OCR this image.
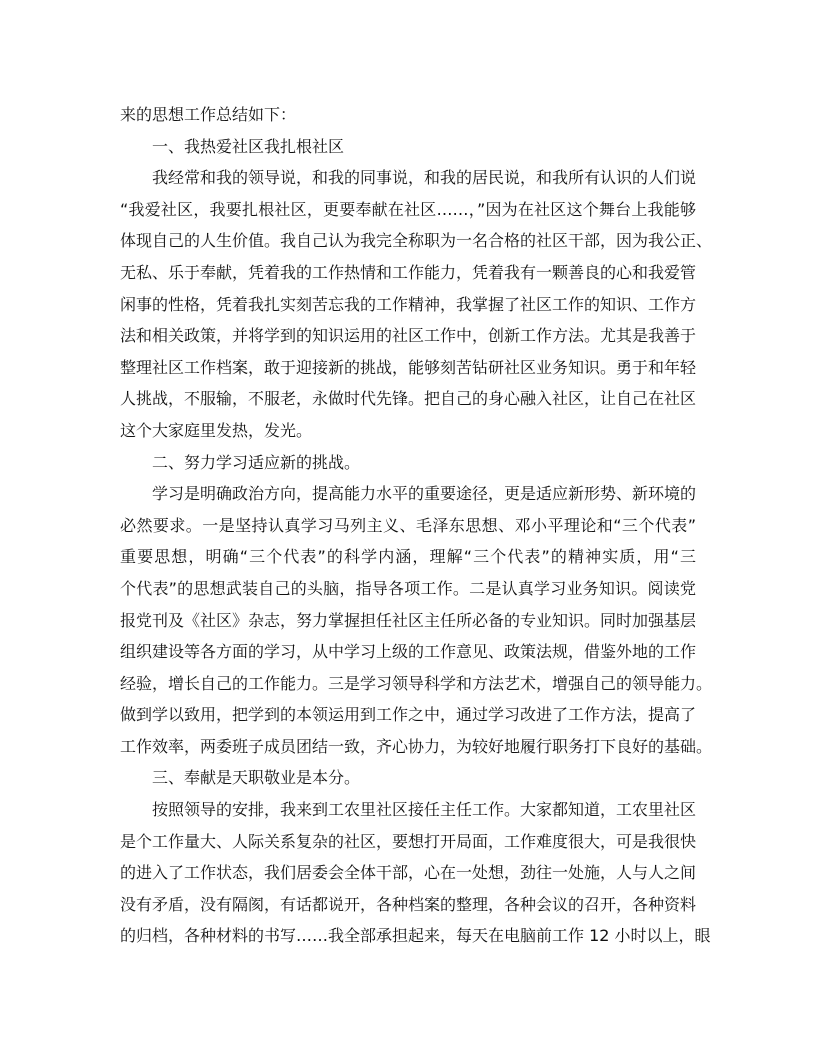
来的思想工作总结如下：
一、我热爱社区我扎根社区
我经常和我的领导说，和我的同事说，和我的居民说，和我所有认识的人们说
“我爱社区，我要扎根社区，更要奉献在社区……，”因为在社区这个舞台上我能够
体现自己的人生价值。我自己认为我完全称职为一名合格的社区干部，因为我公正、
无私、乐于奉献，凭着我的工作热情和工作能力，凭着我有一颗善良的心和我爱管
闲事的性格，凭着我扎实刻苦忘我的工作精神，我掌握了社区工作的知识、工作方
法和相关政策，并将学到的知识运用的社区工作中，创新工作方法。尤其是我善于
整理社区工作档案，敢于迎接新的挑战，能够刻苦钻研社区业务知识。勇于和年轻
人挑战，不服输，不服老，永做时代先锋。把自己的身心融入社区，让自己在社区
这个大家庭里发热，发光。
二、努力学习适应新的挑战。
学习是明确政治方向，提高能力水平的重要途径，更是适应新形势、新环境的
必然要求。一是坚持认真学习马列主义、毛泽东思想、邓小平理论和“三个代表”
重要思想，明确“三个代表”的科学内涵，理解“三个代表”的精神实质，用“三
个代表”的思想武装自己的头脑，指导各项工作。二是认真学习业务知识。阅读党
报党刊及《社区》杂志，努力掌握担任社区主任所必备的专业知识。同时加强基层
组织建设等各方面的学习，从中学习上级的工作意见、政策法规，借鉴外地的工作
经验，增长自己的工作能力。三是学习领导科学和方法艺术，增强自己的领导能力。
做到学以致用，把学到的本领运用到工作之中，通过学习改进了工作方法，提高了
工作效率，两委班子成员团结一致，齐心协力，为较好地履行职务打下良好的基础。
三、奉献是天职敬业是本分。
按照领导的安排，我来到工农里社区接任主任工作。大家都知道，工农里社区
是个工作量大、人际关系复杂的社区，要想打开局面，工作难度很大，可是我很快
的进入了工作状态，我们居委会全体干部，心在一处想，劲往一处施，人与人之间
没有矛盾，没有隔阂，有话都说开，各种档案的整理，各种会议的召开，各种资料
的归档，各种材料的书写……我全部承担起来，每天在电脑前工作 12 小时以上，眼
